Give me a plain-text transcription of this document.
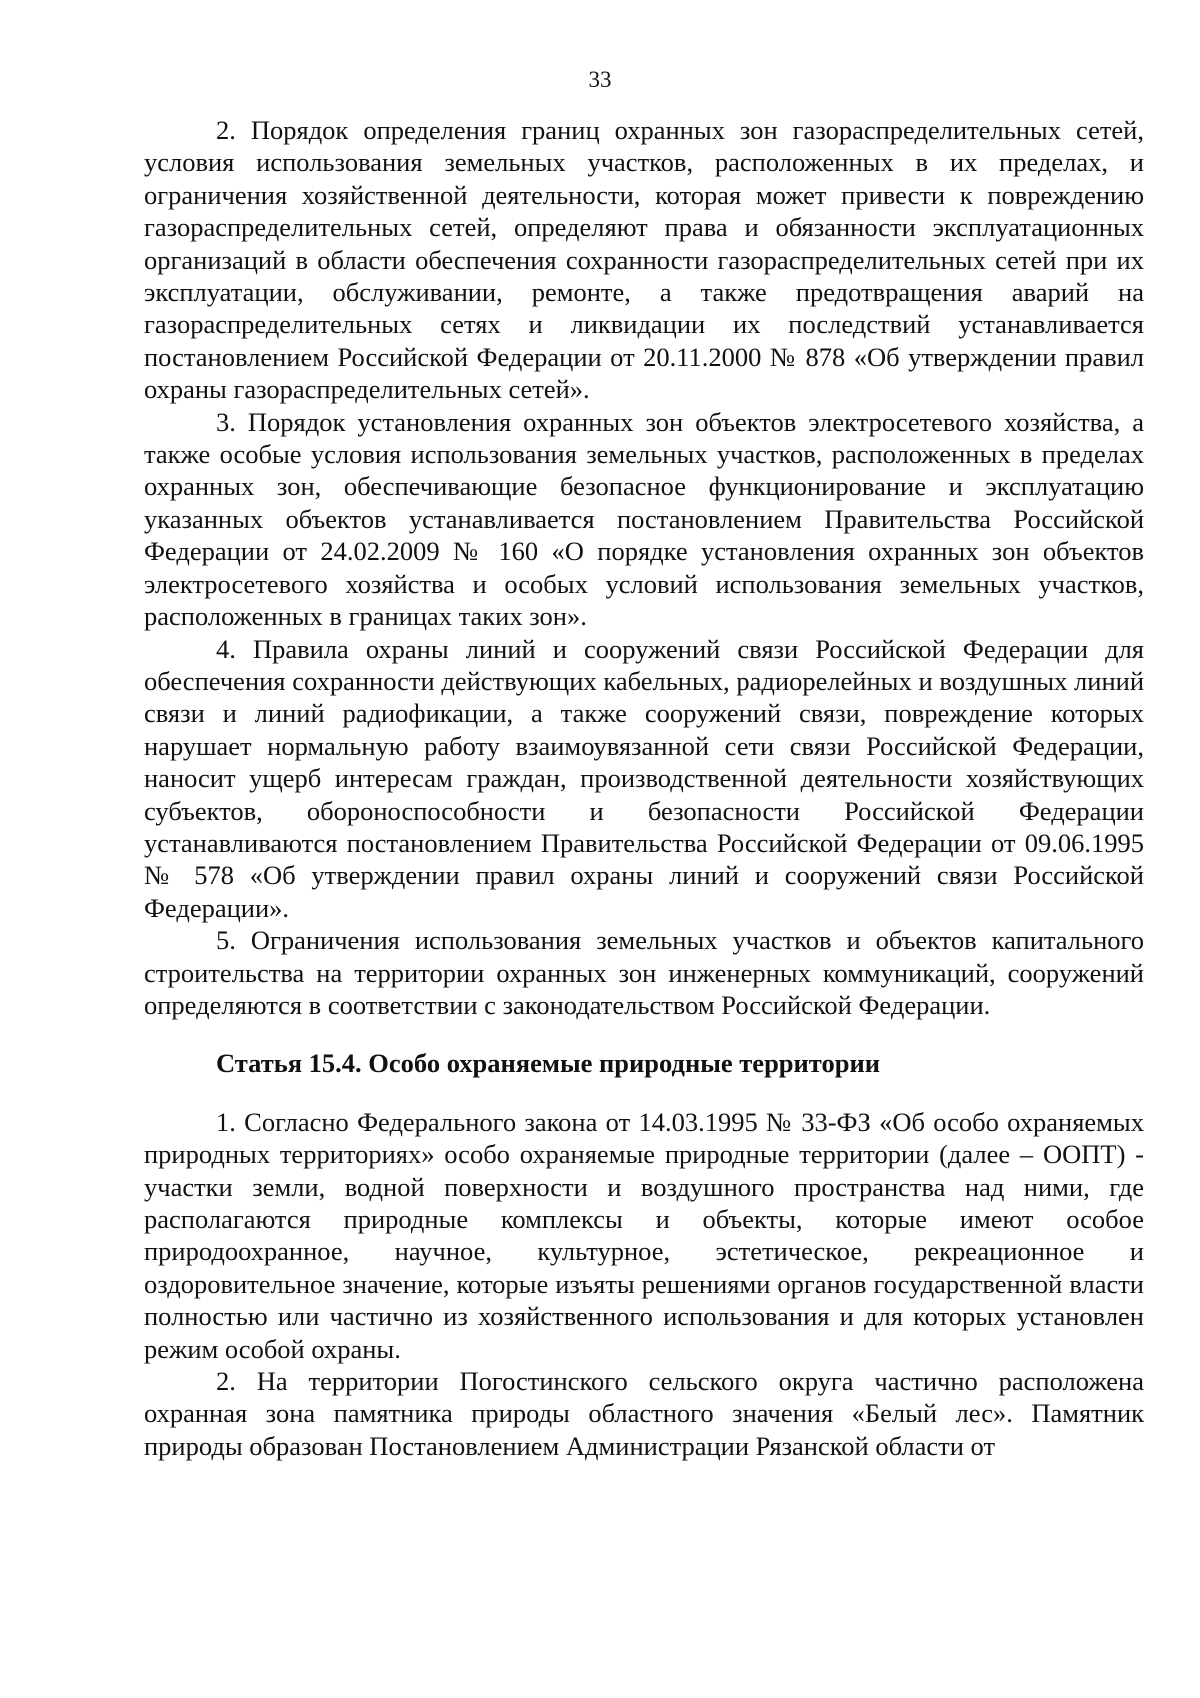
33

2. Порядок определения границ охранных зон газораспределительных сетей, условия использования земельных участков, расположенных в их пределах, и ограничения хозяйственной деятельности, которая может привести к повреждению газораспределительных сетей, определяют права и обязанности эксплуатационных организаций в области обеспечения сохранности газораспределительных сетей при их эксплуатации, обслуживании, ремонте, а также предотвращения аварий на газораспределительных сетях и ликвидации их последствий устанавливается постановлением Российской Федерации от 20.11.2000 № 878 «Об утверждении правил охраны газораспределительных сетей».

3. Порядок установления охранных зон объектов электросетевого хозяйства, а также особые условия использования земельных участков, расположенных в пределах охранных зон, обеспечивающие безопасное функционирование и эксплуатацию указанных объектов устанавливается постановлением Правительства Российской Федерации от 24.02.2009 № 160 «О порядке установления охранных зон объектов электросетевого хозяйства и особых условий использования земельных участков, расположенных в границах таких зон».

4. Правила охраны линий и сооружений связи Российской Федерации для обеспечения сохранности действующих кабельных, радиорелейных и воздушных линий связи и линий радиофикации, а также сооружений связи, повреждение которых нарушает нормальную работу взаимоувязанной сети связи Российской Федерации, наносит ущерб интересам граждан, производственной деятельности хозяйствующих субъектов, обороноспособности и безопасности Российской Федерации устанавливаются постановлением Правительства Российской Федерации от 09.06.1995 № 578 «Об утверждении правил охраны линий и сооружений связи Российской Федерации».

5. Ограничения использования земельных участков и объектов капитального строительства на территории охранных зон инженерных коммуникаций, сооружений определяются в соответствии с законодательством Российской Федерации.

Статья 15.4. Особо охраняемые природные территории

1. Согласно Федерального закона от 14.03.1995 № 33-ФЗ «Об особо охраняемых природных территориях» особо охраняемые природные территории (далее – ООПТ) - участки земли, водной поверхности и воздушного пространства над ними, где располагаются природные комплексы и объекты, которые имеют особое природоохранное, научное, культурное, эстетическое, рекреационное и оздоровительное значение, которые изъяты решениями органов государственной власти полностью или частично из хозяйственного использования и для которых установлен режим особой охраны.

2. На территории Погостинского сельского округа частично расположена охранная зона памятника природы областного значения «Белый лес». Памятник природы образован Постановлением Администрации Рязанской области от
